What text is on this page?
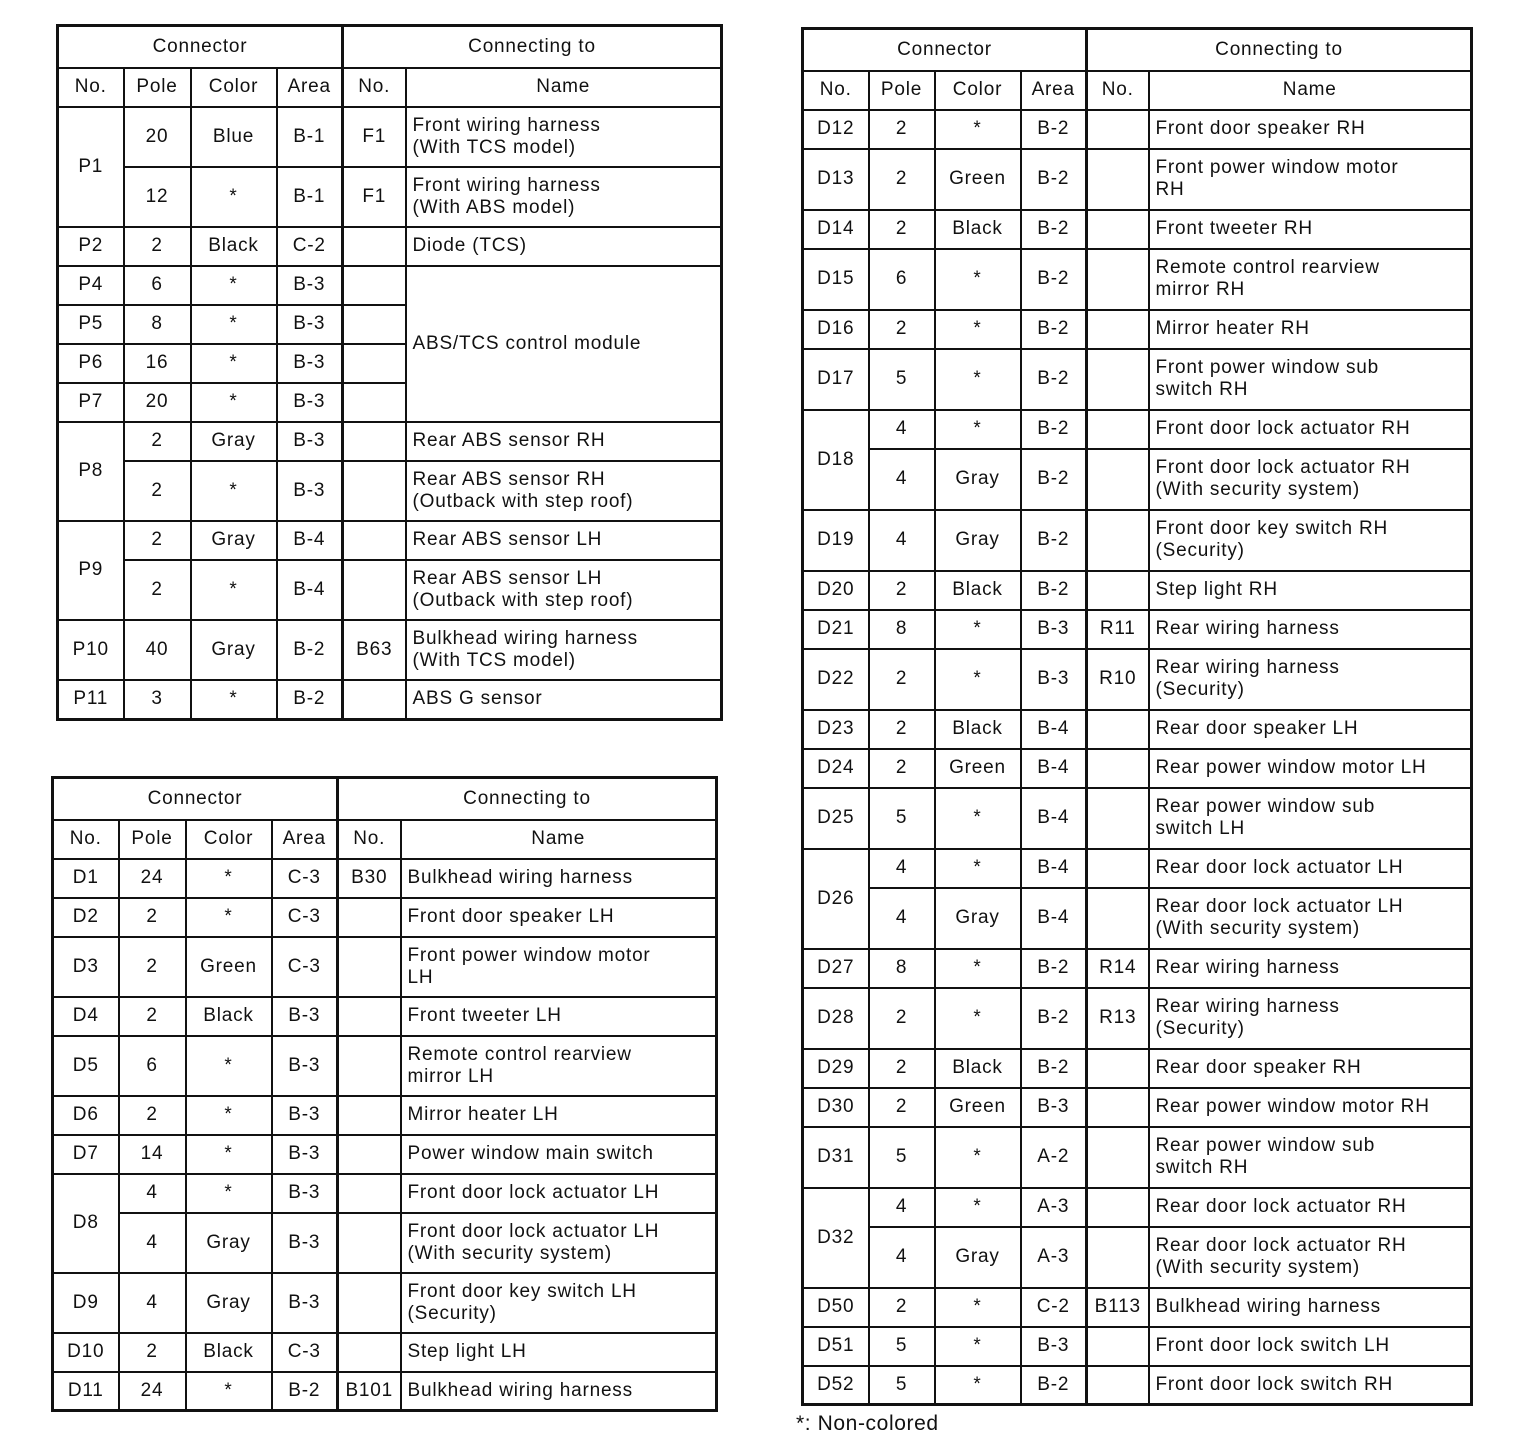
Connector				Connecting to	
No.	Pole	Color	Area	No.	Name
P1	20	Blue	B-1	F1	Front wiring harness
(With TCS model)
	12	*	B-1	F1	Front wiring harness
(With ABS model)
P2	2	Black	C-2		Diode (TCS)
P4	6	*	B-3		ABS/TCS control module
P5	8	*	B-3		
P6	16	*	B-3		
P7	20	*	B-3		
P8	2	Gray	B-3		Rear ABS sensor RH
	2	*	B-3		Rear ABS sensor RH
(Outback with step roof)
P9	2	Gray	B-4		Rear ABS sensor LH
	2	*	B-4		Rear ABS sensor LH
(Outback with step roof)
P10	40	Gray	B-2	B63	Bulkhead wiring harness
(With TCS model)
P11	3	*	B-2		ABS G sensor
Connector				Connecting to	
No.	Pole	Color	Area	No.	Name
D1	24	*	C-3	B30	Bulkhead wiring harness
D2	2	*	C-3		Front door speaker LH
D3	2	Green	C-3		Front power window motor
LH
D4	2	Black	B-3		Front tweeter LH
D5	6	*	B-3		Remote control rearview
mirror LH
D6	2	*	B-3		Mirror heater LH
D7	14	*	B-3		Power window main switch
D8	4	*	B-3		Front door lock actuator LH
	4	Gray	B-3		Front door lock actuator LH
(With security system)
D9	4	Gray	B-3		Front door key switch LH
(Security)
D10	2	Black	C-3		Step light LH
D11	24	*	B-2	B101	Bulkhead wiring harness
Connector				Connecting to	
No.	Pole	Color	Area	No.	Name
D12	2	*	B-2		Front door speaker RH
D13	2	Green	B-2		Front power window motor
RH
D14	2	Black	B-2		Front tweeter RH
D15	6	*	B-2		Remote control rearview
mirror RH
D16	2	*	B-2		Mirror heater RH
D17	5	*	B-2		Front power window sub
switch RH
D18	4	*	B-2		Front door lock actuator RH
	4	Gray	B-2		Front door lock actuator RH
(With security system)
D19	4	Gray	B-2		Front door key switch RH
(Security)
D20	2	Black	B-2		Step light RH
D21	8	*	B-3	R11	Rear wiring harness
D22	2	*	B-3	R10	Rear wiring harness
(Security)
D23	2	Black	B-4		Rear door speaker LH
D24	2	Green	B-4		Rear power window motor LH
D25	5	*	B-4		Rear power window sub
switch LH
D26	4	*	B-4		Rear door lock actuator LH
	4	Gray	B-4		Rear door lock actuator LH
(With security system)
D27	8	*	B-2	R14	Rear wiring harness
D28	2	*	B-2	R13	Rear wiring harness
(Security)
D29	2	Black	B-2		Rear door speaker RH
D30	2	Green	B-3		Rear power window motor RH
D31	5	*	A-2		Rear power window sub
switch RH
D32	4	*	A-3		Rear door lock actuator RH
	4	Gray	A-3		Rear door lock actuator RH
(With security system)
D50	2	*	C-2	B113	Bulkhead wiring harness
D51	5	*	B-3		Front door lock switch LH
D52	5	*	B-2		Front door lock switch RH
*: Non-colored
